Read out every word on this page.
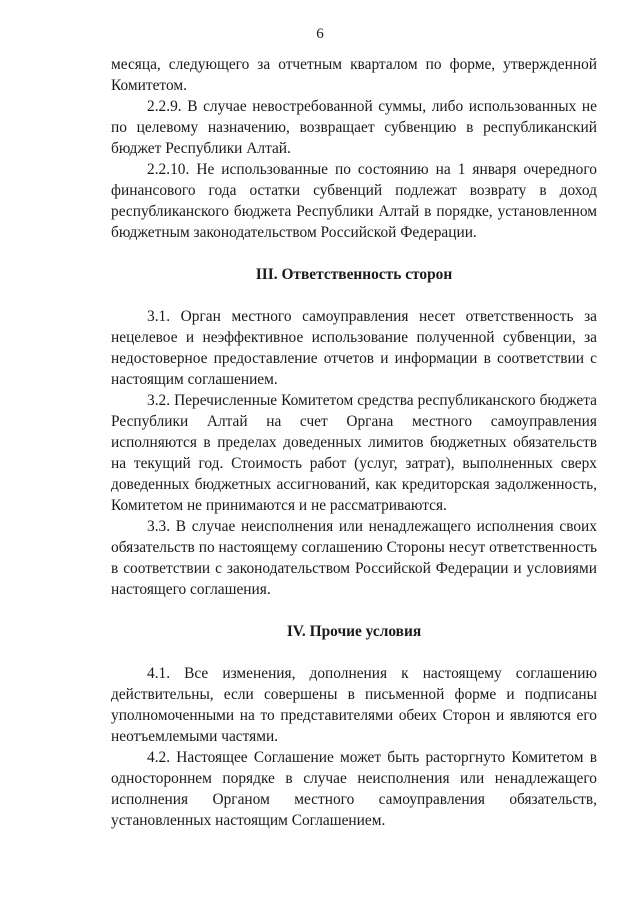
6

месяца, следующего за отчетным кварталом по форме, утвержденной Комитетом.

2.2.9. В случае невостребованной суммы, либо использованных не по целевому назначению, возвращает субвенцию в республиканский бюджет Республики Алтай.

2.2.10. Не использованные по состоянию на 1 января очередного финансового года остатки субвенций подлежат возврату в доход республиканского бюджета Республики Алтай в порядке, установленном бюджетным законодательством Российской Федерации.

III. Ответственность сторон

3.1. Орган местного самоуправления несет ответственность за нецелевое и неэффективное использование полученной субвенции, за недостоверное предоставление отчетов и информации в соответствии с настоящим соглашением.

3.2. Перечисленные Комитетом средства республиканского бюджета Республики Алтай на счет Органа местного самоуправления исполняются в пределах доведенных лимитов бюджетных обязательств на текущий год. Стоимость работ (услуг, затрат), выполненных сверх доведенных бюджетных ассигнований, как кредиторская задолженность, Комитетом не принимаются и не рассматриваются.

3.3. В случае неисполнения или ненадлежащего исполнения своих обязательств по настоящему соглашению Стороны несут ответственность в соответствии с законодательством Российской Федерации и условиями настоящего соглашения.

IV. Прочие условия

4.1. Все изменения, дополнения к настоящему соглашению действительны, если совершены в письменной форме и подписаны уполномоченными на то представителями обеих Сторон и являются его неотъемлемыми частями.

4.2. Настоящее Соглашение может быть расторгнуто Комитетом в одностороннем порядке в случае неисполнения или ненадлежащего исполнения Органом местного самоуправления обязательств, установленных настоящим Соглашением.
